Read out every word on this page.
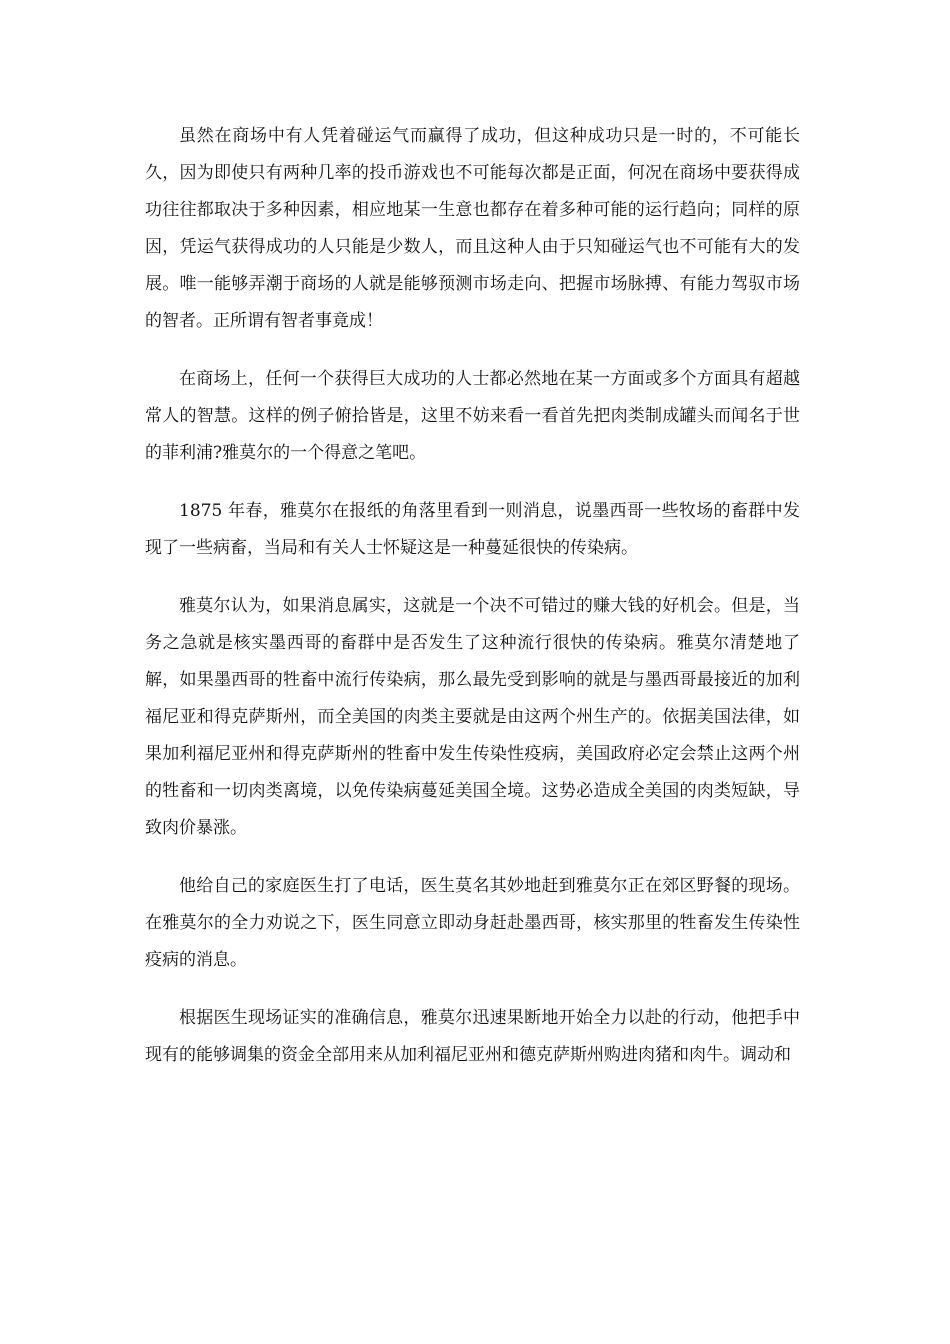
虽然在商场中有人凭着碰运气而赢得了成功，但这种成功只是一时的，不可能长久，因为即使只有两种几率的投币游戏也不可能每次都是正面，何况在商场中要获得成功往往都取决于多种因素，相应地某一生意也都存在着多种可能的运行趋向；同样的原因，凭运气获得成功的人只能是少数人，而且这种人由于只知碰运气也不可能有大的发展。唯一能够弄潮于商场的人就是能够预测市场走向、把握市场脉搏、有能力驾驭市场的智者。正所谓有智者事竟成！

在商场上，任何一个获得巨大成功的人士都必然地在某一方面或多个方面具有超越常人的智慧。这样的例子俯拾皆是，这里不妨来看一看首先把肉类制成罐头而闻名于世的菲利浦?雅莫尔的一个得意之笔吧。

1875 年春，雅莫尔在报纸的角落里看到一则消息，说墨西哥一些牧场的畜群中发现了一些病畜，当局和有关人士怀疑这是一种蔓延很快的传染病。

雅莫尔认为，如果消息属实，这就是一个决不可错过的赚大钱的好机会。但是，当务之急就是核实墨西哥的畜群中是否发生了这种流行很快的传染病。雅莫尔清楚地了解，如果墨西哥的牲畜中流行传染病，那么最先受到影响的就是与墨西哥最接近的加利福尼亚和得克萨斯州，而全美国的肉类主要就是由这两个州生产的。依据美国法律，如果加利福尼亚州和得克萨斯州的牲畜中发生传染性疫病，美国政府必定会禁止这两个州的牲畜和一切肉类离境，以免传染病蔓延美国全境。这势必造成全美国的肉类短缺，导致肉价暴涨。

他给自己的家庭医生打了电话，医生莫名其妙地赶到雅莫尔正在郊区野餐的现场。在雅莫尔的全力劝说之下，医生同意立即动身赶赴墨西哥，核实那里的牲畜发生传染性疫病的消息。

根据医生现场证实的准确信息，雅莫尔迅速果断地开始全力以赴的行动，他把手中现有的能够调集的资金全部用来从加利福尼亚州和德克萨斯州购进肉猪和肉牛。调动和
